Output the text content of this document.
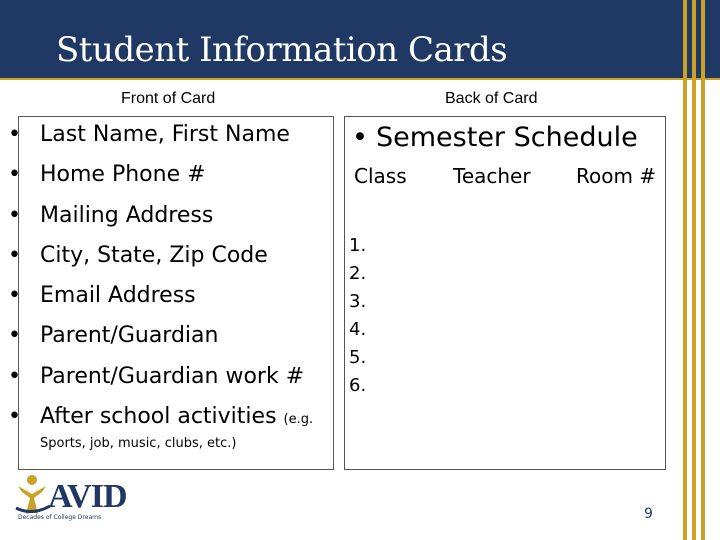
Student Information Cards
Front of Card	Back of Card
• Last Name, First Name
• Home Phone #
• Mailing Address
• City, State, Zip Code
• Email Address
• Parent/Guardian
• Parent/Guardian work #
• After school activities (e.g.
Sports, job, music, clubs, etc.)
• Semester Schedule
Class Teacher Room #
1.
2.
3.
4.
5.
6.
AVID
Decades of College Dreams	9
